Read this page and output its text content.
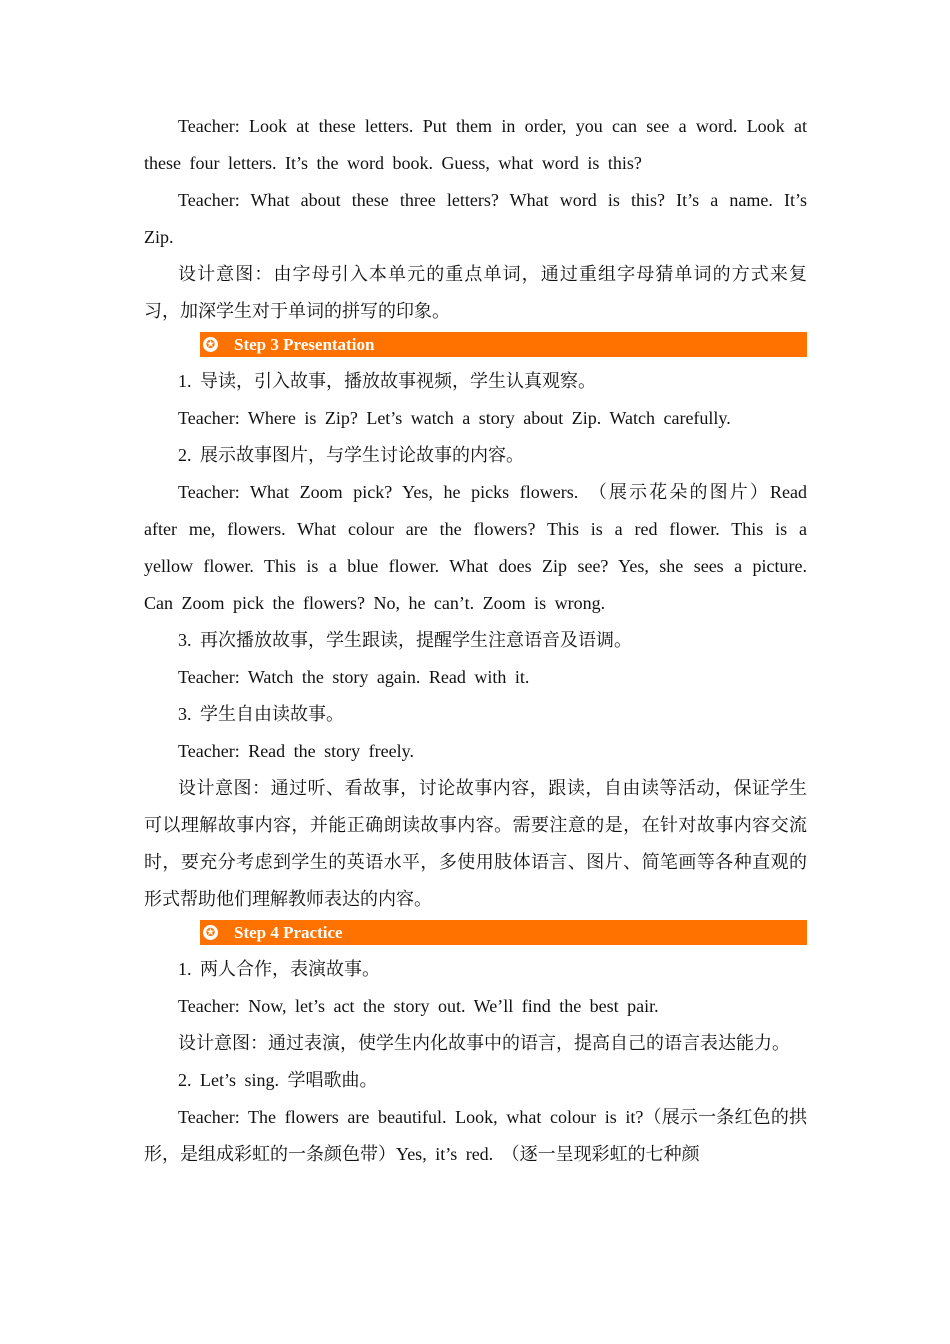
Teacher: Look at these letters. Put them in order, you can see a word. Look at these four letters. It’s the word book. Guess, what word is this?

Teacher: What about these three letters? What word is this? It’s a name. It’s Zip.

设计意图：由字母引入本单元的重点单词，通过重组字母猜单词的方式来复习，加深学生对于单词的拼写的印象。

✪ Step 3 Presentation

1. 导读，引入故事，播放故事视频，学生认真观察。

Teacher: Where is Zip? Let’s watch a story about Zip. Watch carefully.

2. 展示故事图片，与学生讨论故事的内容。

Teacher: What Zoom pick? Yes, he picks flowers. （展示花朵的图片）Read after me, flowers. What colour are the flowers? This is a red flower. This is a yellow flower. This is a blue flower. What does Zip see? Yes, she sees a picture. Can Zoom pick the flowers? No, he can’t. Zoom is wrong.

3. 再次播放故事，学生跟读，提醒学生注意语音及语调。

Teacher: Watch the story again. Read with it.

3. 学生自由读故事。

Teacher: Read the story freely.

设计意图：通过听、看故事，讨论故事内容，跟读，自由读等活动，保证学生可以理解故事内容，并能正确朗读故事内容。需要注意的是，在针对故事内容交流时，要充分考虑到学生的英语水平，多使用肢体语言、图片、简笔画等各种直观的形式帮助他们理解教师表达的内容。

✪ Step 4 Practice

1. 两人合作，表演故事。

Teacher: Now, let’s act the story out. We’ll find the best pair.

设计意图：通过表演，使学生内化故事中的语言，提高自己的语言表达能力。

2. Let’s sing. 学唱歌曲。

Teacher: The flowers are beautiful. Look, what colour is it?（展示一条红色的拱形，是组成彩虹的一条颜色带）Yes, it’s red. （逐一呈现彩虹的七种颜
